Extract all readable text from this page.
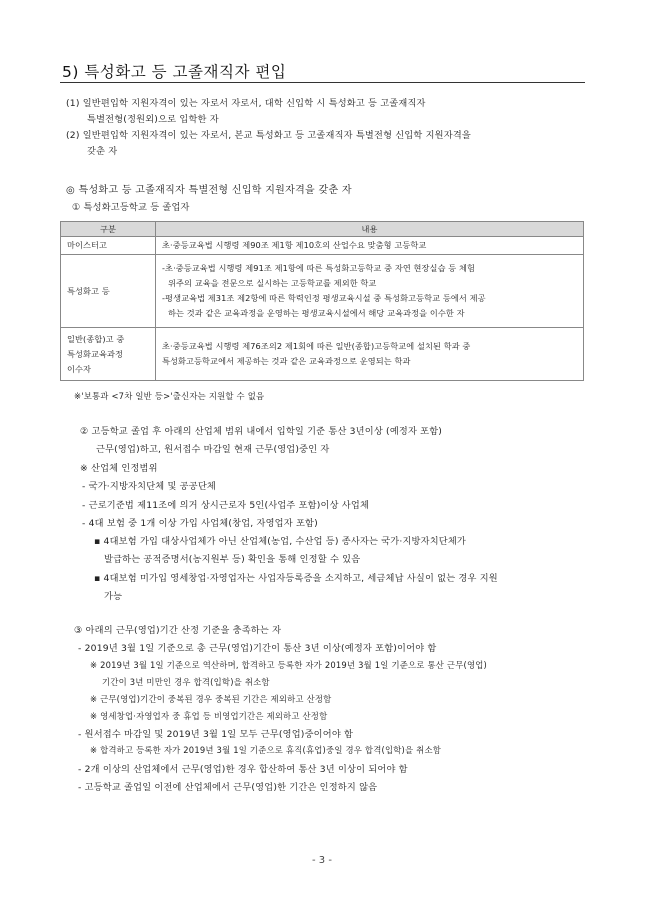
5) 특성화고 등 고졸재직자 편입
(1) 일반편입학 지원자격이 있는 자로서 자로서, 대학 신입학 시 특성화고 등 고졸재직자
특별전형(정원외)으로 입학한 자
(2) 일반편입학 지원자격이 있는 자로서, 본교 특성화고 등 고졸재직자 특별전형 신입학 지원자격을
갖춘 자
◎ 특성화고 등 고졸재직자 특별전형 신입학 지원자격을 갖춘 자
① 특성화고등학교 등 졸업자
구분	내용
마이스터고	초·중등교육법 시행령 제90조 제1항 제10호의 산업수요 맞춤형 고등학교
특성화고 등	-초·중등교육법 시행령 제91조 제1항에 따른 특성화고등학교 중 자연 현장실습 등 체험
위주의 교육을 전문으로 실시하는 고등학교를 제외한 학교
-평생교육법 제31조 제2항에 따른 학력인정 평생교육시설 중 특성화고등학교 등에서 제공
하는 것과 같은 교육과정을 운영하는 평생교육시설에서 해당 교육과정을 이수한 자

일반(종합)고 중
특성화교육과정
이수자	초·중등교육법 시행령 제76조의2 제1회에 따른 일반(종합)고등학교에 설치된 학과 중
특성화고등학교에서 제공하는 것과 같은 교육과정으로 운영되는 학과
※'보통과 <7차 일반 등>'출신자는 지원할 수 없음
② 고등학교 졸업 후 아래의 산업체 범위 내에서 입학일 기준 통산 3년이상 (예정자 포함)
근무(영업)하고, 원서접수 마감일 현재 근무(영업)중인 자
※ 산업체 인정범위
- 국가·지방자치단체 및 공공단체
- 근로기준법 제11조에 의거 상시근로자 5인(사업주 포함)이상 사업체
- 4대 보험 중 1개 이상 가입 사업체(창업, 자영업자 포함)
▪ 4대보험 가입 대상사업체가 아닌 산업체(농업, 수산업 등) 종사자는 국가·지방자치단체가
발급하는 공적증명서(농지원부 등) 확인을 통해 인정할 수 있음
▪ 4대보험 미가입 영세창업·자영업자는 사업자등록증을 소지하고, 세금체납 사실이 없는 경우 지원
가능
③ 아래의 근무(영업)기간 산정 기준을 충족하는 자
- 2019년 3월 1일 기준으로 총 근무(영업)기간이 통산 3년 이상(예정자 포함)이어야 함
※ 2019년 3월 1일 기준으로 역산하며, 합격하고 등록한 자가 2019년 3월 1일 기준으로 통산 근무(영업)
기간이 3년 미만인 경우 합격(입학)을 취소함
※ 근무(영업)기간이 중복된 경우 중복된 기간은 제외하고 산정함
※ 영세창업·자영업자 중 휴업 등 비영업기간은 제외하고 산정함
- 원서접수 마감일 및 2019년 3월 1일 모두 근무(영업)중이어야 함
※ 합격하고 등록한 자가 2019년 3월 1일 기준으로 휴직(휴업)중일 경우 합격(입학)을 취소함
- 2개 이상의 산업체에서 근무(영업)한 경우 합산하여 통산 3년 이상이 되어야 함
- 고등학교 졸업일 이전에 산업체에서 근무(영업)한 기간은 인정하지 않음
- 3 -
